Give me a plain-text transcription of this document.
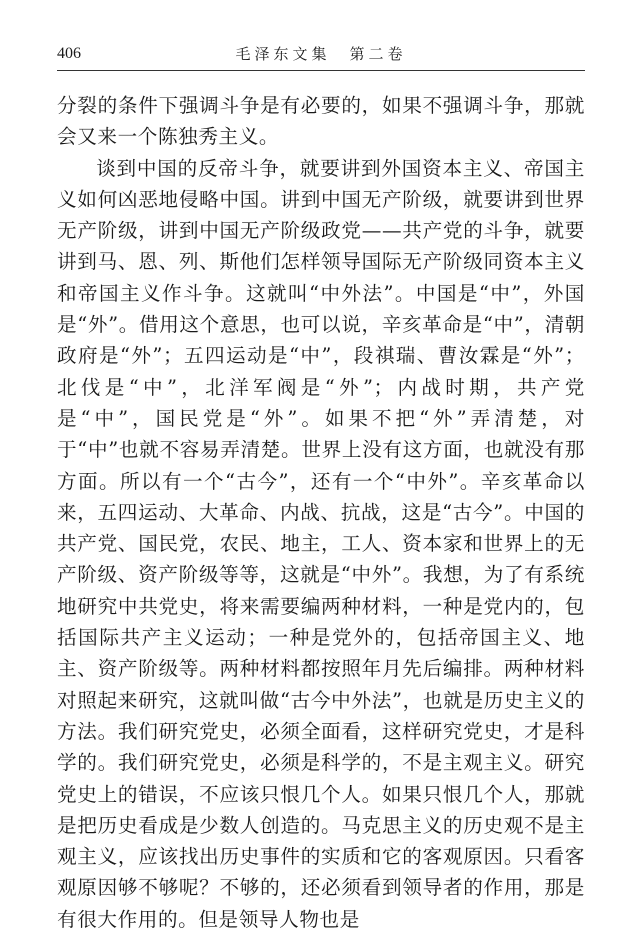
406	毛泽东文集　第二卷

分裂的条件下强调斗争是有必要的，如果不强调斗争，那就会又来一个陈独秀主义。

谈到中国的反帝斗争，就要讲到外国资本主义、帝国主义如何凶恶地侵略中国。讲到中国无产阶级，就要讲到世界无产阶级，讲到中国无产阶级政党——共产党的斗争，就要讲到马、恩、列、斯他们怎样领导国际无产阶级同资本主义和帝国主义作斗争。这就叫“中外法”。中国是“中”，外国是“外”。借用这个意思，也可以说，辛亥革命是“中”，清朝政府是“外”；五四运动是“中”，段祺瑞、曹汝霖是“外”；北伐是“中”，北洋军阀是“外”；内战时期，共产党是“中”，国民党是“外”。如果不把“外”弄清楚，对于“中”也就不容易弄清楚。世界上没有这方面，也就没有那方面。所以有一个“古今”，还有一个“中外”。辛亥革命以来，五四运动、大革命、内战、抗战，这是“古今”。中国的共产党、国民党，农民、地主，工人、资本家和世界上的无产阶级、资产阶级等等，这就是“中外”。我想，为了有系统地研究中共党史，将来需要编两种材料，一种是党内的，包括国际共产主义运动；一种是党外的，包括帝国主义、地主、资产阶级等。两种材料都按照年月先后编排。两种材料对照起来研究，这就叫做“古今中外法”，也就是历史主义的方法。我们研究党史，必须全面看，这样研究党史，才是科学的。我们研究党史，必须是科学的，不是主观主义。研究党史上的错误，不应该只恨几个人。如果只恨几个人，那就是把历史看成是少数人创造的。马克思主义的历史观不是主观主义，应该找出历史事件的实质和它的客观原因。只看客观原因够不够呢？不够的，还必须看到领导者的作用，那是有很大作用的。但是领导人物也是
